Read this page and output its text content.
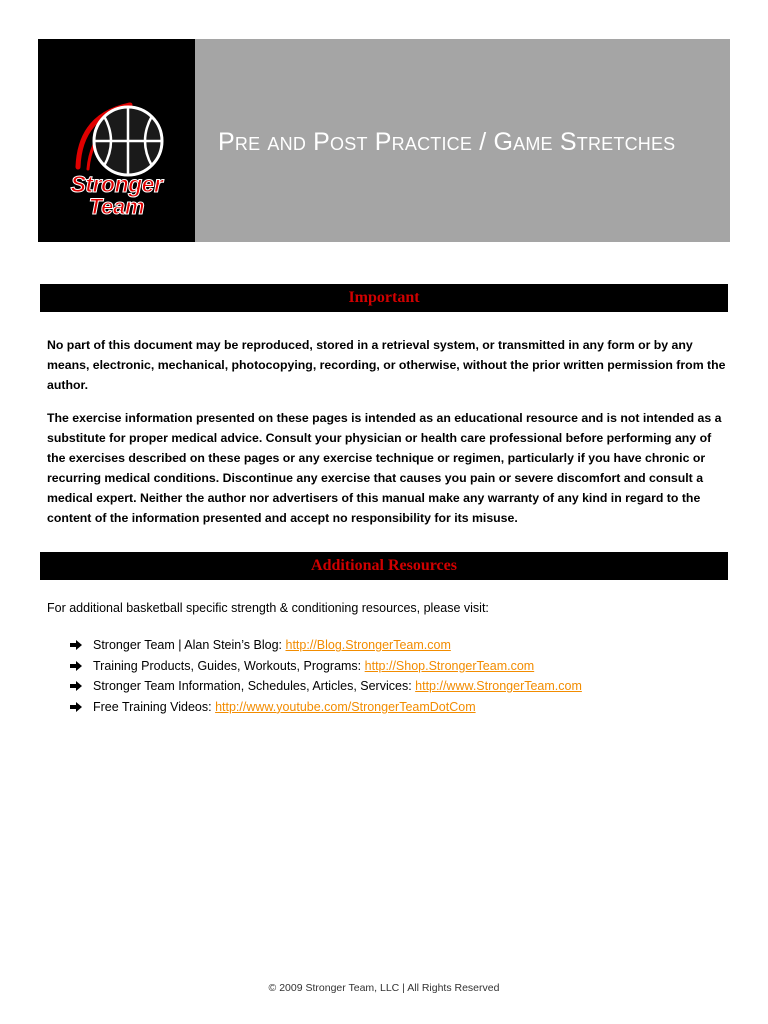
Stronger
Team
Pre and Post Practice / Game Stretches
Important

No part of this document may be reproduced, stored in a retrieval system, or transmitted in any form or by any means, electronic, mechanical, photocopying, recording, or otherwise, without the prior written permission from the author.

The exercise information presented on these pages is intended as an educational resource and is not intended as a substitute for proper medical advice. Consult your physician or health care professional before performing any of the exercises described on these pages or any exercise technique or regimen, particularly if you have chronic or recurring medical conditions. Discontinue any exercise that causes you pain or severe discomfort and consult a medical expert. Neither the author nor advertisers of this manual make any warranty of any kind in regard to the content of the information presented and accept no responsibility for its misuse.

Additional Resources

For additional basketball specific strength & conditioning resources, please visit:

Stronger Team | Alan Stein’s Blog:
http://Blog.StrongerTeam.com
Training Products, Guides, Workouts, Programs:
http://Shop.StrongerTeam.com
Stronger Team Information, Schedules, Articles, Services:
http://www.StrongerTeam.com
Free Training Videos:
http://www.youtube.com/StrongerTeamDotCom
© 2009 Stronger Team, LLC | All Rights Reserved
